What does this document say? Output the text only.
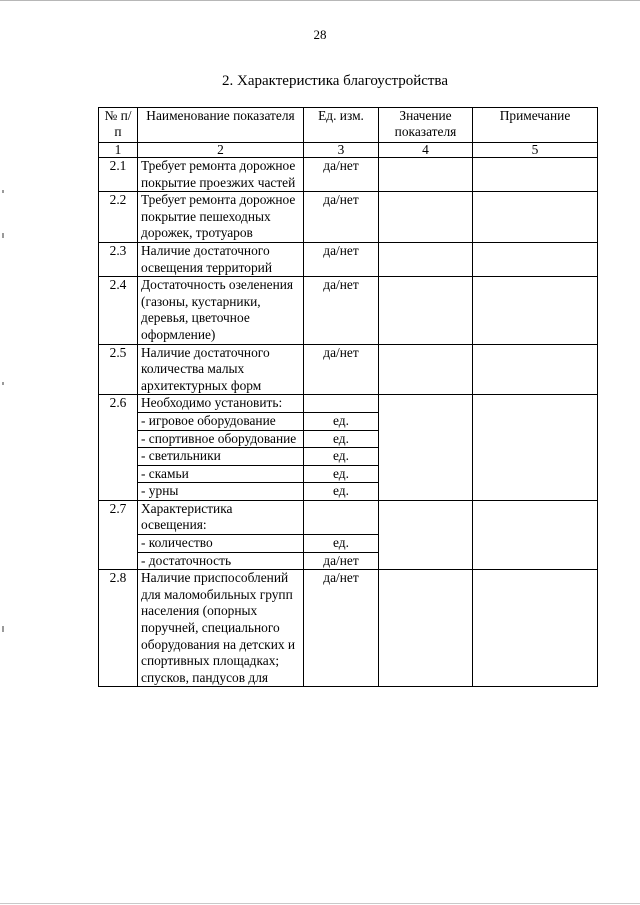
28
2. Характеристика благоустройства
№ п/п	Наименование показателя	Ед. изм.	Значение показателя	Примечание
1	2	3	4	5
2.1	Требует ремонта дорожное покрытие проезжих частей	да/нет		
2.2	Требует ремонта дорожное покрытие пешеходных дорожек, тротуаров	да/нет		
2.3	Наличие достаточного освещения территорий	да/нет		
2.4	Достаточность озеленения (газоны, кустарники, деревья, цветочное оформление)	да/нет		
2.5	Наличие достаточного количества малых архитектурных форм	да/нет		
2.6	Необходимо установить:			
	- игровое оборудование	ед.		
	- спортивное оборудование	ед.		
	- светильники	ед.		
	- скамьи	ед.		
	- урны	ед.		
2.7	Характеристика освещения:			
	- количество	ед.		
	- достаточность	да/нет		
2.8	Наличие приспособлений для маломобильных групп населения (опорных поручней, специального оборудования на детских и спортивных площадках; спусков, пандусов для	да/нет		
